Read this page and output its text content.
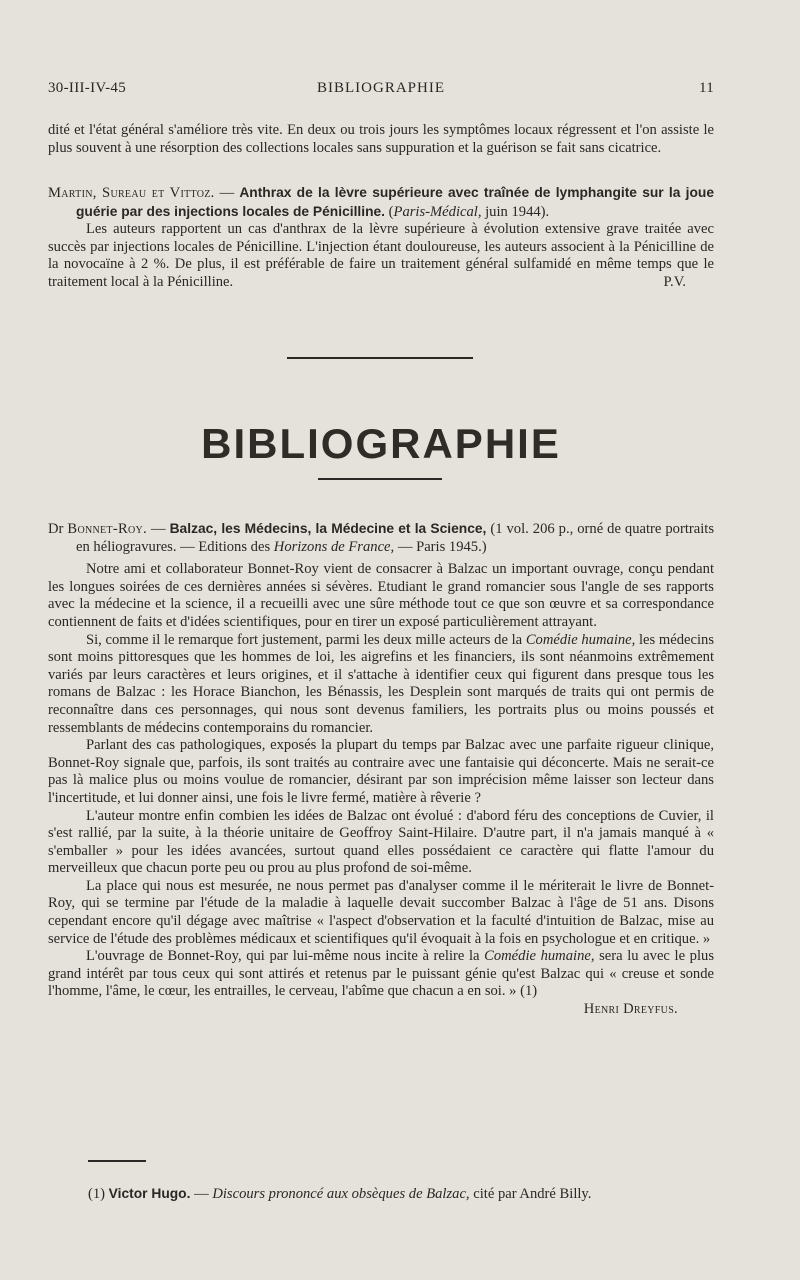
30-III-IV-45	BIBLIOGRAPHIE	11

dité et l'état général s'améliore très vite. En deux ou trois jours les symptômes locaux régressent et l'on assiste le plus souvent à une résorption des collections locales sans suppuration et la guérison se fait sans cicatrice.

Martin, Sureau et Vittoz. — Anthrax de la lèvre supérieure avec traînée de lymphangite sur la joue guérie par des injections locales de Pénicilline. (Paris-Médical, juin 1944).

Les auteurs rapportent un cas d'anthrax de la lèvre supérieure à évolution extensive grave traitée avec succès par injections locales de Pénicilline. L'injection étant douloureuse, les auteurs associent à la Pénicilline de la novocaïne à 2 %. De plus, il est préférable de faire un traitement général sulfamidé en même temps que le traitement local à la Pénicilline.	P.V.
BIBLIOGRAPHIE

Dr Bonnet-Roy. — Balzac, les Médecins, la Médecine et la Science, (1 vol. 206 p., orné de quatre portraits en héliogravures. — Editions des Horizons de France, — Paris 1945.)

Notre ami et collaborateur Bonnet-Roy vient de consacrer à Balzac un important ouvrage, conçu pendant les longues soirées de ces dernières années si sévères. Etudiant le grand romancier sous l'angle de ses rapports avec la médecine et la science, il a recueilli avec une sûre méthode tout ce que son œuvre et sa correspondance contiennent de faits et d'idées scientifiques, pour en tirer un exposé particulièrement attrayant.

Si, comme il le remarque fort justement, parmi les deux mille acteurs de la Comédie humaine, les médecins sont moins pittoresques que les hommes de loi, les aigrefins et les financiers, ils sont néanmoins extrêmement variés par leurs caractères et leurs origines, et il s'attache à identifier ceux qui figurent dans presque tous les romans de Balzac : les Horace Bianchon, les Bénassis, les Desplein sont marqués de traits qui ont permis de reconnaître dans ces personnages, qui nous sont devenus familiers, les portraits plus ou moins poussés et ressemblants de médecins contemporains du romancier.

Parlant des cas pathologiques, exposés la plupart du temps par Balzac avec une parfaite rigueur clinique, Bonnet-Roy signale que, parfois, ils sont traités au contraire avec une fantaisie qui déconcerte. Mais ne serait-ce pas là malice plus ou moins voulue de romancier, désirant par son imprécision même laisser son lecteur dans l'incertitude, et lui donner ainsi, une fois le livre fermé, matière à rêverie ?

L'auteur montre enfin combien les idées de Balzac ont évolué : d'abord féru des conceptions de Cuvier, il s'est rallié, par la suite, à la théorie unitaire de Geoffroy Saint-Hilaire. D'autre part, il n'a jamais manqué à « s'emballer » pour les idées avancées, surtout quand elles possédaient ce caractère qui flatte l'amour du merveilleux que chacun porte peu ou prou au plus profond de soi-même.

La place qui nous est mesurée, ne nous permet pas d'analyser comme il le mériterait le livre de Bonnet-Roy, qui se termine par l'étude de la maladie à laquelle devait succomber Balzac à l'âge de 51 ans. Disons cependant encore qu'il dégage avec maîtrise « l'aspect d'observation et la faculté d'intuition de Balzac, mise au service de l'étude des problèmes médicaux et scientifiques qu'il évoquait à la fois en psychologue et en critique. »

L'ouvrage de Bonnet-Roy, qui par lui-même nous incite à relire la Comédie humaine, sera lu avec le plus grand intérêt par tous ceux qui sont attirés et retenus par le puissant génie qu'est Balzac qui « creuse et sonde l'homme, l'âme, le cœur, les entrailles, le cerveau, l'abîme que chacun a en soi. » (1)

Henri Dreyfus.
(1) Victor Hugo. — Discours prononcé aux obsèques de Balzac, cité par André Billy.
